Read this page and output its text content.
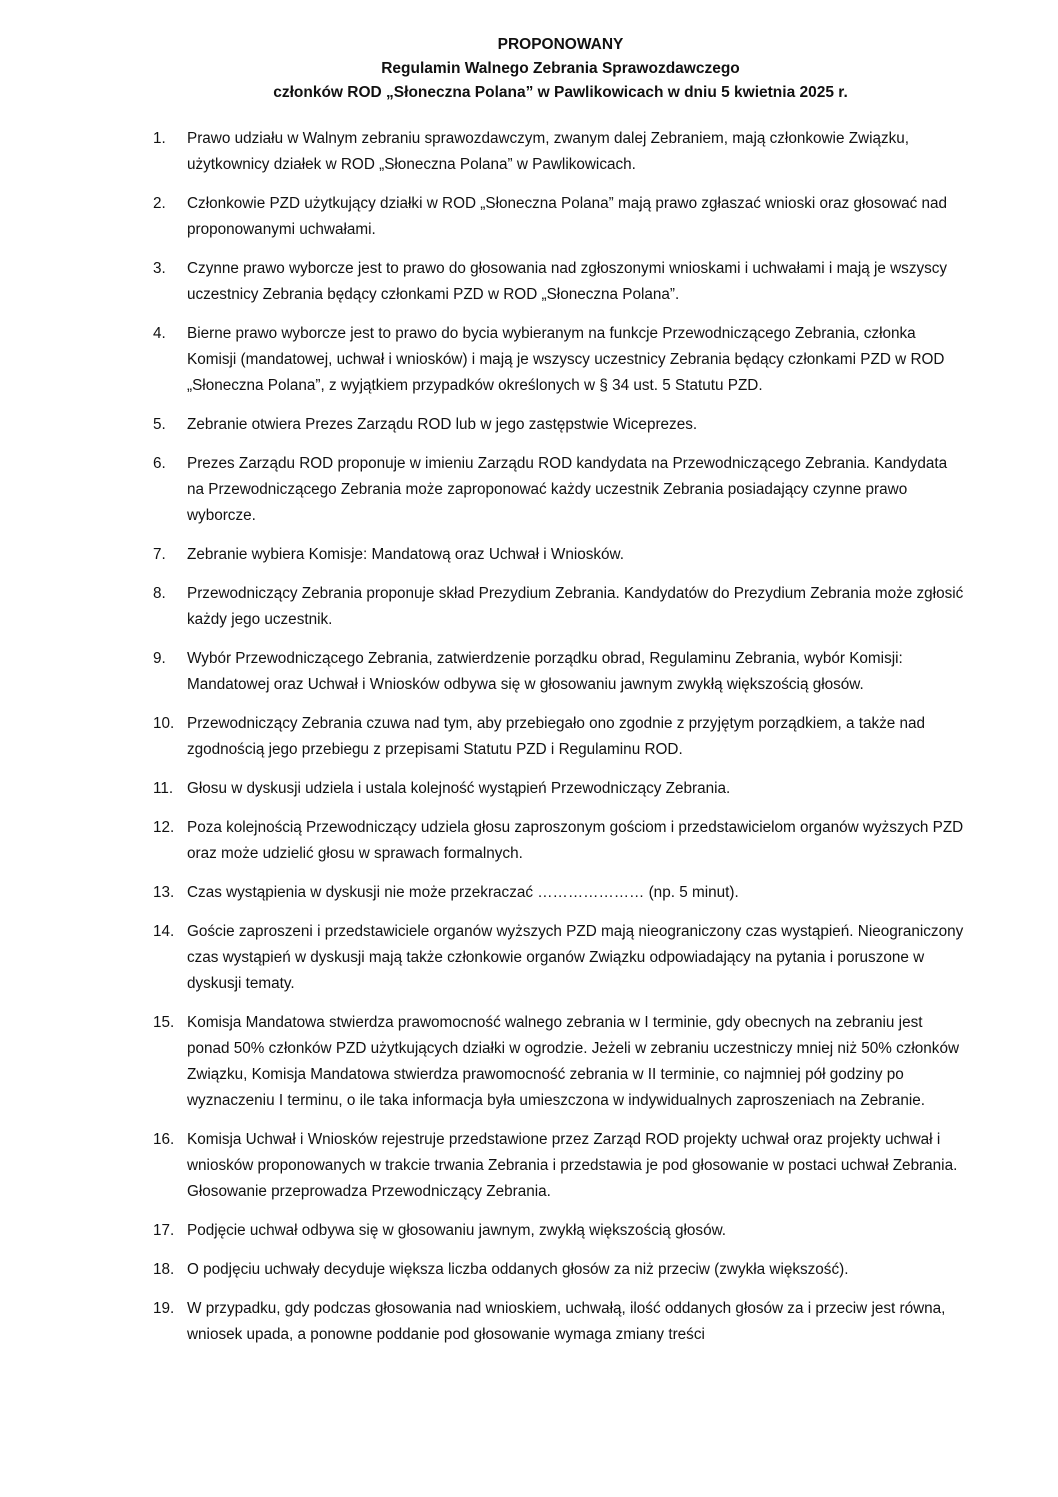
PROPONOWANY
Regulamin Walnego Zebrania Sprawozdawczego
członków ROD „Słoneczna Polana” w Pawlikowicach w dniu 5 kwietnia 2025 r.
1.	Prawo udziału w Walnym zebraniu sprawozdawczym, zwanym dalej Zebraniem, mają członkowie Związku, użytkownicy działek w ROD „Słoneczna Polana” w Pawlikowicach.
2.	Członkowie PZD użytkujący działki w ROD „Słoneczna Polana” mają prawo zgłaszać wnioski oraz głosować nad proponowanymi uchwałami.
3.	Czynne prawo wyborcze jest to prawo do głosowania nad zgłoszonymi wnioskami i uchwałami i mają je wszyscy uczestnicy Zebrania będący członkami PZD w ROD „Słoneczna Polana”.
4.	Bierne prawo wyborcze jest to prawo do bycia wybieranym na funkcje Przewodniczącego Zebrania, członka Komisji (mandatowej, uchwał i wniosków) i mają je wszyscy uczestnicy Zebrania będący członkami PZD w ROD „Słoneczna Polana”, z wyjątkiem przypadków określonych w § 34 ust. 5 Statutu PZD.
5.	Zebranie otwiera Prezes Zarządu ROD lub w jego zastępstwie Wiceprezes.
6.	Prezes Zarządu ROD proponuje w imieniu Zarządu ROD kandydata na Przewodniczącego Zebrania. Kandydata na Przewodniczącego Zebrania może zaproponować każdy uczestnik Zebrania posiadający czynne prawo wyborcze.
7.	Zebranie wybiera Komisje: Mandatową oraz Uchwał i Wniosków.
8.	Przewodniczący Zebrania proponuje skład Prezydium Zebrania. Kandydatów do Prezydium Zebrania może zgłosić każdy jego uczestnik.
9.	Wybór Przewodniczącego Zebrania, zatwierdzenie porządku obrad, Regulaminu Zebrania, wybór Komisji: Mandatowej oraz Uchwał i Wniosków odbywa się w głosowaniu jawnym zwykłą większością głosów.
10. Przewodniczący Zebrania czuwa nad tym, aby przebiegało ono zgodnie z przyjętym porządkiem, a także nad zgodnością jego przebiegu z przepisami Statutu PZD i Regulaminu ROD.
11. Głosu w dyskusji udziela i ustala kolejność wystąpień Przewodniczący Zebrania.
12. Poza kolejnością Przewodniczący udziela głosu zaproszonym gościom i przedstawicielom organów wyższych PZD oraz może udzielić głosu w sprawach formalnych.
13. Czas wystąpienia w dyskusji nie może przekraczać ………………… (np. 5 minut).
14. Goście zaproszeni i przedstawiciele organów wyższych PZD mają nieograniczony czas wystąpień. Nieograniczony czas wystąpień w dyskusji mają także członkowie organów Związku odpowiadający na pytania i poruszone w dyskusji tematy.
15. Komisja Mandatowa stwierdza prawomocność walnego zebrania w I terminie, gdy obecnych na zebraniu jest ponad 50% członków PZD użytkujących działki w ogrodzie. Jeżeli w zebraniu uczestniczy mniej niż 50% członków Związku, Komisja Mandatowa stwierdza prawomocność zebrania w II terminie, co najmniej pół godziny po wyznaczeniu I terminu, o ile taka informacja była umieszczona w indywidualnych zaproszeniach na Zebranie.
16. Komisja Uchwał i Wniosków rejestruje przedstawione przez Zarząd ROD projekty uchwał oraz projekty uchwał i wniosków proponowanych w trakcie trwania Zebrania i przedstawia je pod głosowanie w postaci uchwał Zebrania. Głosowanie przeprowadza Przewodniczący Zebrania.
17. Podjęcie uchwał odbywa się w głosowaniu jawnym, zwykłą większością głosów.
18. O podjęciu uchwały decyduje większa liczba oddanych głosów za niż przeciw (zwykła większość).
19. W przypadku, gdy podczas głosowania nad wnioskiem, uchwałą, ilość oddanych głosów za i przeciw jest równa, wniosek upada, a ponowne poddanie pod głosowanie wymaga zmiany treści
